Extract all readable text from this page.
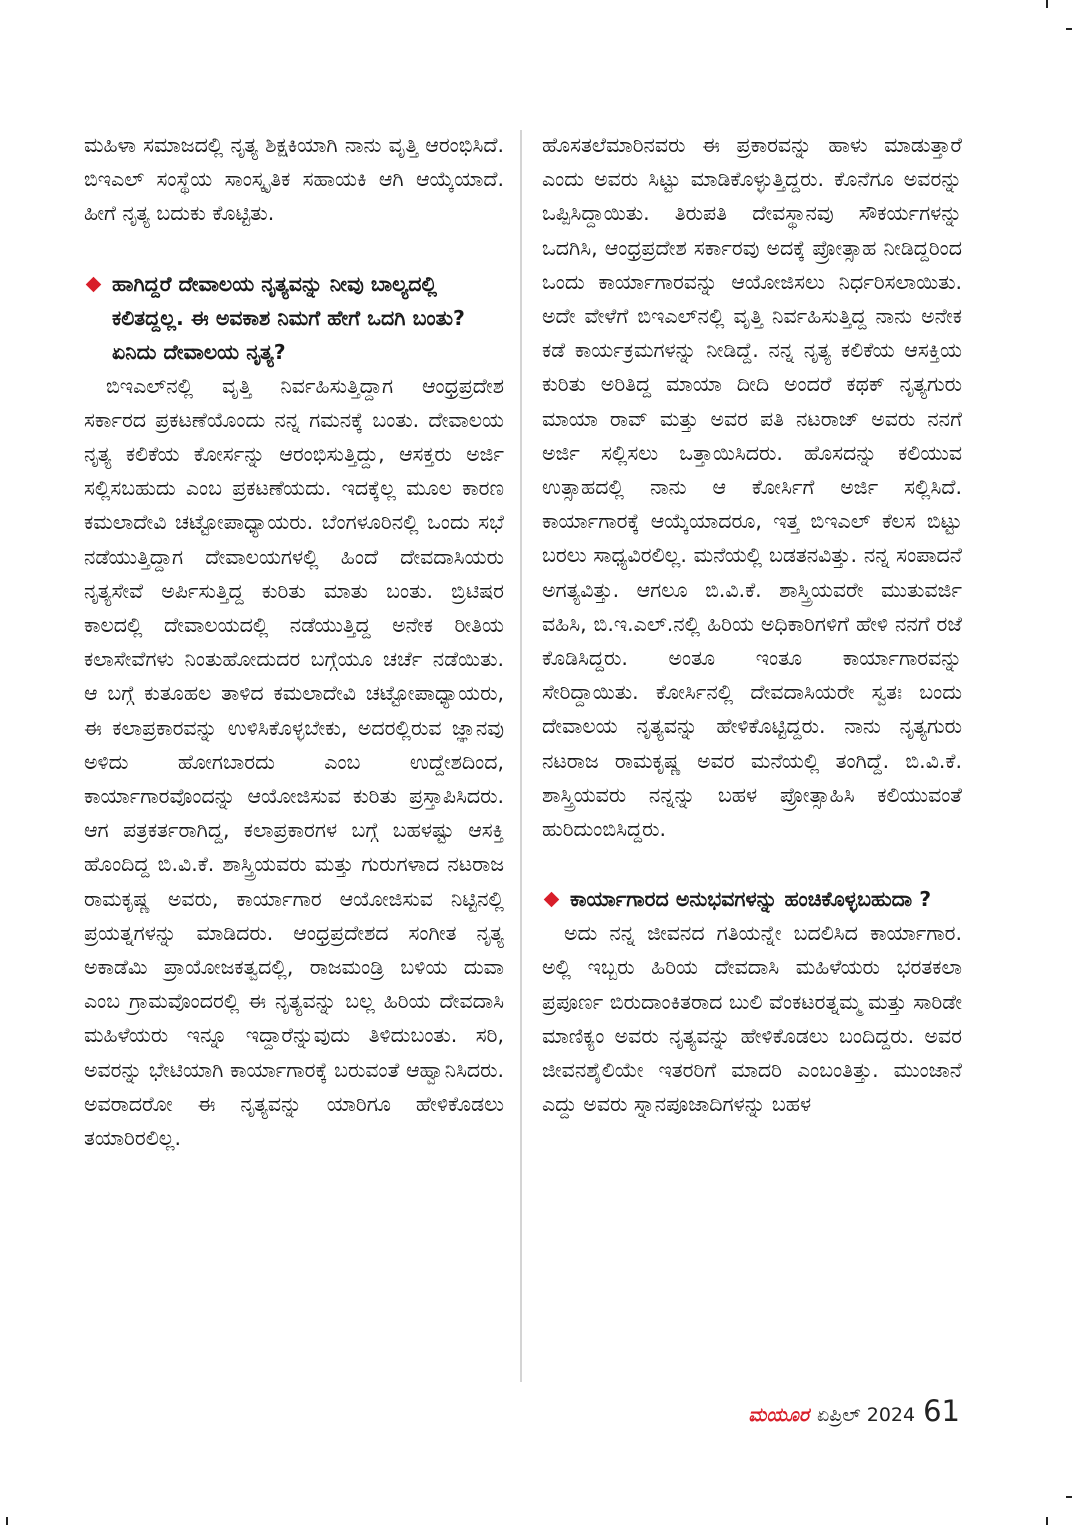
ಮಹಿಳಾ ಸಮಾಜದಲ್ಲಿ ನೃತ್ಯ ಶಿಕ್ಷಕಿಯಾಗಿ ನಾನು ವೃತ್ತಿ ಆರಂಭಿಸಿದೆ. ಬಿಇಎಲ್ ಸಂಸ್ಥೆಯ ಸಾಂಸ್ಕೃತಿಕ ಸಹಾಯಕಿ ಆಗಿ ಆಯ್ಕೆಯಾದೆ. ಹೀಗೆ ನೃತ್ಯ ಬದುಕು ಕೊಟ್ಟಿತು.

ಹಾಗಿದ್ದರೆ ದೇವಾಲಯ ನೃತ್ಯವನ್ನು ನೀವು ಬಾಲ್ಯದಲ್ಲಿ ಕಲಿತದ್ದಲ್ಲ. ಈ ಅವಕಾಶ ನಿಮಗೆ ಹೇಗೆ ಒದಗಿ ಬಂತು? ಏನಿದು ದೇವಾಲಯ ನೃತ್ಯ?

ಬಿಇಎಲ್‌ನಲ್ಲಿ ವೃತ್ತಿ ನಿರ್ವಹಿಸುತ್ತಿದ್ದಾಗ ಆಂಧ್ರಪ್ರದೇಶ ಸರ್ಕಾರದ ಪ್ರಕಟಣೆಯೊಂದು ನನ್ನ ಗಮನಕ್ಕೆ ಬಂತು. ದೇವಾಲಯ ನೃತ್ಯ ಕಲಿಕೆಯ ಕೋರ್ಸನ್ನು ಆರಂಭಿಸುತ್ತಿದ್ದು, ಆಸಕ್ತರು ಅರ್ಜಿ ಸಲ್ಲಿಸಬಹುದು ಎಂಬ ಪ್ರಕಟಣೆಯದು. ಇದಕ್ಕೆಲ್ಲ ಮೂಲ ಕಾರಣ ಕಮಲಾದೇವಿ ಚಟ್ಟೋಪಾಧ್ಯಾಯರು. ಬೆಂಗಳೂರಿನಲ್ಲಿ ಒಂದು ಸಭೆ ನಡೆಯುತ್ತಿದ್ದಾಗ ದೇವಾಲಯಗಳಲ್ಲಿ ಹಿಂದೆ ದೇವದಾಸಿಯರು ನೃತ್ಯಸೇವೆ ಅರ್ಪಿಸುತ್ತಿದ್ದ ಕುರಿತು ಮಾತು ಬಂತು. ಬ್ರಿಟಿಷರ ಕಾಲದಲ್ಲಿ ದೇವಾಲಯದಲ್ಲಿ ನಡೆಯುತ್ತಿದ್ದ ಅನೇಕ ರೀತಿಯ ಕಲಾಸೇವೆಗಳು ನಿಂತುಹೋದುದರ ಬಗ್ಗೆಯೂ ಚರ್ಚೆ ನಡೆಯಿತು. ಆ ಬಗ್ಗೆ ಕುತೂಹಲ ತಾಳಿದ ಕಮಲಾದೇವಿ ಚಟ್ಟೋಪಾಧ್ಯಾಯರು, ಈ ಕಲಾಪ್ರಕಾರವನ್ನು ಉಳಿಸಿಕೊಳ್ಳಬೇಕು, ಅದರಲ್ಲಿರುವ ಜ್ಞಾನವು ಅಳಿದು ಹೋಗಬಾರದು ಎಂಬ ಉದ್ದೇಶದಿಂದ, ಕಾರ್ಯಾಗಾರವೊಂದನ್ನು ಆಯೋಜಿಸುವ ಕುರಿತು ಪ್ರಸ್ತಾಪಿಸಿದರು. ಆಗ ಪತ್ರಕರ್ತರಾಗಿದ್ದ, ಕಲಾಪ್ರಕಾರಗಳ ಬಗ್ಗೆ ಬಹಳಷ್ಟು ಆಸಕ್ತಿ ಹೊಂದಿದ್ದ ಬಿ.ವಿ.ಕೆ. ಶಾಸ್ತ್ರಿಯವರು ಮತ್ತು ಗುರುಗಳಾದ ನಟರಾಜ ರಾಮಕೃಷ್ಣ ಅವರು, ಕಾರ್ಯಾಗಾರ ಆಯೋಜಿಸುವ ನಿಟ್ಟಿನಲ್ಲಿ ಪ್ರಯತ್ನಗಳನ್ನು ಮಾಡಿದರು. ಆಂಧ್ರಪ್ರದೇಶದ ಸಂಗೀತ ನೃತ್ಯ ಅಕಾಡೆಮಿ ಪ್ರಾಯೋಜಕತ್ವದಲ್ಲಿ, ರಾಜಮಂಡ್ರಿ ಬಳಿಯ ದುವಾ ಎಂಬ ಗ್ರಾಮವೊಂದರಲ್ಲಿ ಈ ನೃತ್ಯವನ್ನು ಬಲ್ಲ ಹಿರಿಯ ದೇವದಾಸಿ ಮಹಿಳೆಯರು ಇನ್ನೂ ಇದ್ದಾರೆನ್ನುವುದು ತಿಳಿದುಬಂತು. ಸರಿ, ಅವರನ್ನು ಭೇಟಿಯಾಗಿ ಕಾರ್ಯಾಗಾರಕ್ಕೆ ಬರುವಂತೆ ಆಹ್ವಾನಿಸಿದರು. ಅವರಾದರೋ ಈ ನೃತ್ಯವನ್ನು ಯಾರಿಗೂ ಹೇಳಿಕೊಡಲು ತಯಾರಿರಲಿಲ್ಲ.

ಹೊಸತಲೆಮಾರಿನವರು ಈ ಪ್ರಕಾರವನ್ನು ಹಾಳು ಮಾಡುತ್ತಾರೆ ಎಂದು ಅವರು ಸಿಟ್ಟು ಮಾಡಿಕೊಳ್ಳುತ್ತಿದ್ದರು. ಕೊನೆಗೂ ಅವರನ್ನು ಒಪ್ಪಿಸಿದ್ದಾಯಿತು. ತಿರುಪತಿ ದೇವಸ್ಥಾನವು ಸೌಕರ್ಯಗಳನ್ನು ಒದಗಿಸಿ, ಆಂಧ್ರಪ್ರದೇಶ ಸರ್ಕಾರವು ಅದಕ್ಕೆ ಪ್ರೋತ್ಸಾಹ ನೀಡಿದ್ದರಿಂದ ಒಂದು ಕಾರ್ಯಾಗಾರವನ್ನು ಆಯೋಜಿಸಲು ನಿರ್ಧರಿಸಲಾಯಿತು. ಅದೇ ವೇಳೆಗೆ ಬಿಇಎಲ್‌ನಲ್ಲಿ ವೃತ್ತಿ ನಿರ್ವಹಿಸುತ್ತಿದ್ದ ನಾನು ಅನೇಕ ಕಡೆ ಕಾರ್ಯಕ್ರಮಗಳನ್ನು ನೀಡಿದ್ದೆ. ನನ್ನ ನೃತ್ಯ ಕಲಿಕೆಯ ಆಸಕ್ತಿಯ ಕುರಿತು ಅರಿತಿದ್ದ ಮಾಯಾ ದೀದಿ ಅಂದರೆ ಕಥಕ್ ನೃತ್ಯಗುರು ಮಾಯಾ ರಾವ್ ಮತ್ತು ಅವರ ಪತಿ ನಟರಾಜ್ ಅವರು ನನಗೆ ಅರ್ಜಿ ಸಲ್ಲಿಸಲು ಒತ್ತಾಯಿಸಿದರು. ಹೊಸದನ್ನು ಕಲಿಯುವ ಉತ್ಸಾಹದಲ್ಲಿ ನಾನು ಆ ಕೋರ್ಸಿಗೆ ಅರ್ಜಿ ಸಲ್ಲಿಸಿದೆ. ಕಾರ್ಯಾಗಾರಕ್ಕೆ ಆಯ್ಕೆಯಾದರೂ, ಇತ್ತ ಬಿಇಎಲ್ ಕೆಲಸ ಬಿಟ್ಟು ಬರಲು ಸಾಧ್ಯವಿರಲಿಲ್ಲ. ಮನೆಯಲ್ಲಿ ಬಡತನವಿತ್ತು. ನನ್ನ ಸಂಪಾದನೆ ಅಗತ್ಯವಿತ್ತು. ಆಗಲೂ ಬಿ.ವಿ.ಕೆ. ಶಾಸ್ತ್ರಿಯವರೇ ಮುತುವರ್ಜಿ ವಹಿಸಿ, ಬಿ.ಇ.ಎಲ್.ನಲ್ಲಿ ಹಿರಿಯ ಅಧಿಕಾರಿಗಳಿಗೆ ಹೇಳಿ ನನಗೆ ರಜೆ ಕೊಡಿಸಿದ್ದರು. ಅಂತೂ ಇಂತೂ ಕಾರ್ಯಾಗಾರವನ್ನು ಸೇರಿದ್ದಾಯಿತು. ಕೋರ್ಸಿನಲ್ಲಿ ದೇವದಾಸಿಯರೇ ಸ್ವತಃ ಬಂದು ದೇವಾಲಯ ನೃತ್ಯವನ್ನು ಹೇಳಿಕೊಟ್ಟಿದ್ದರು. ನಾನು ನೃತ್ಯಗುರು ನಟರಾಜ ರಾಮಕೃಷ್ಣ ಅವರ ಮನೆಯಲ್ಲಿ ತಂಗಿದ್ದೆ. ಬಿ.ವಿ.ಕೆ. ಶಾಸ್ತ್ರಿಯವರು ನನ್ನನ್ನು ಬಹಳ ಪ್ರೋತ್ಸಾಹಿಸಿ ಕಲಿಯುವಂತೆ ಹುರಿದುಂಬಿಸಿದ್ದರು.

ಕಾರ್ಯಾಗಾರದ ಅನುಭವಗಳನ್ನು ಹಂಚಿಕೊಳ್ಳಬಹುದಾ ?

ಅದು ನನ್ನ ಜೀವನದ ಗತಿಯನ್ನೇ ಬದಲಿಸಿದ ಕಾರ್ಯಾಗಾರ. ಅಲ್ಲಿ ಇಬ್ಬರು ಹಿರಿಯ ದೇವದಾಸಿ ಮಹಿಳೆಯರು ಭರತಕಲಾ ಪ್ರಪೂರ್ಣ ಬಿರುದಾಂಕಿತರಾದ ಬುಲಿ ವೆಂಕಟರತ್ನಮ್ಮ ಮತ್ತು ಸಾರಿಡೇ ಮಾಣಿಕ್ಯಂ ಅವರು ನೃತ್ಯವನ್ನು ಹೇಳಿಕೊಡಲು ಬಂದಿದ್ದರು. ಅವರ ಜೀವನಶೈಲಿಯೇ ಇತರರಿಗೆ ಮಾದರಿ ಎಂಬಂತಿತ್ತು. ಮುಂಜಾನೆ ಎದ್ದು ಅವರು ಸ್ನಾನಪೂಜಾದಿಗಳನ್ನು ಬಹಳ

ಮಯೂರ ಏಪ್ರಿಲ್ 2024 61
